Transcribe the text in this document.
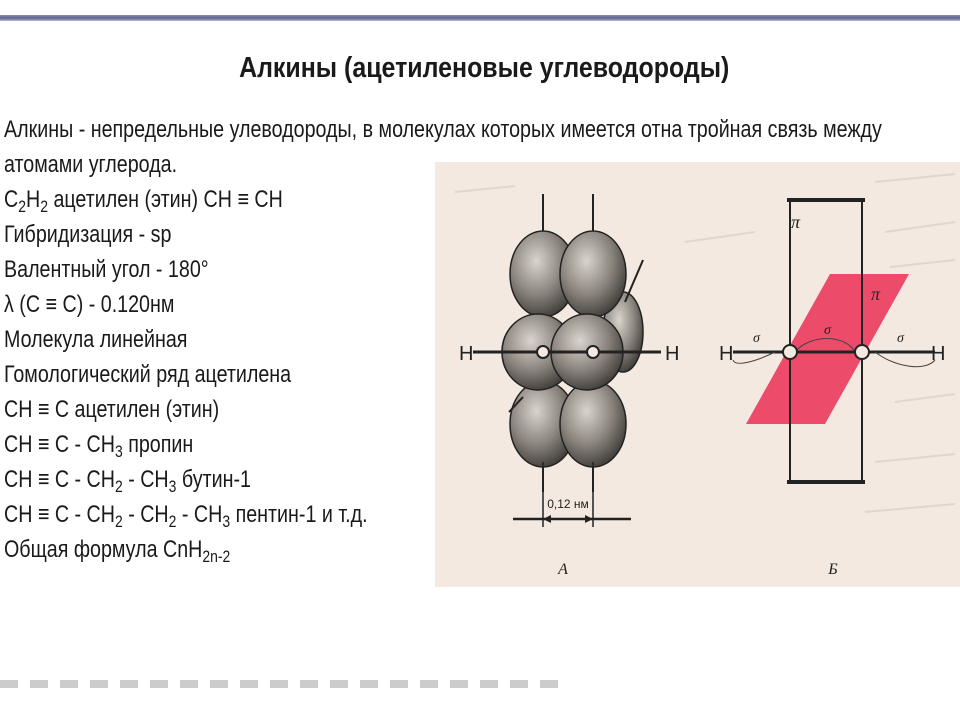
Алкины (ацетиленовые углеводороды)
Алкины - непредельные улеводороды, в молекулах которых имеется отна тройная связь между
атомами углерода.
$C_2H_2$ ацетилен (этин) CH ≡ CH
Гибридизация - sp
Валентный угол - 180°
λ (C ≡ C) - 0.120нм
Молекула линейная
Гомологический ряд ацетилена
CH ≡ C ацетилен (этин)
CH ≡ C - $CH_3$ пропин
CH ≡ C - $CH_2 - CH_3$ бутин-1
CH ≡ C - $CH_2 - CH_2 - CH_3$ пентин-1 и т.д.
Общая формула CnH$_{2n-2}$
H	H
0,12 нм
А
H	H
π
π
σ
σ
σ
Б
